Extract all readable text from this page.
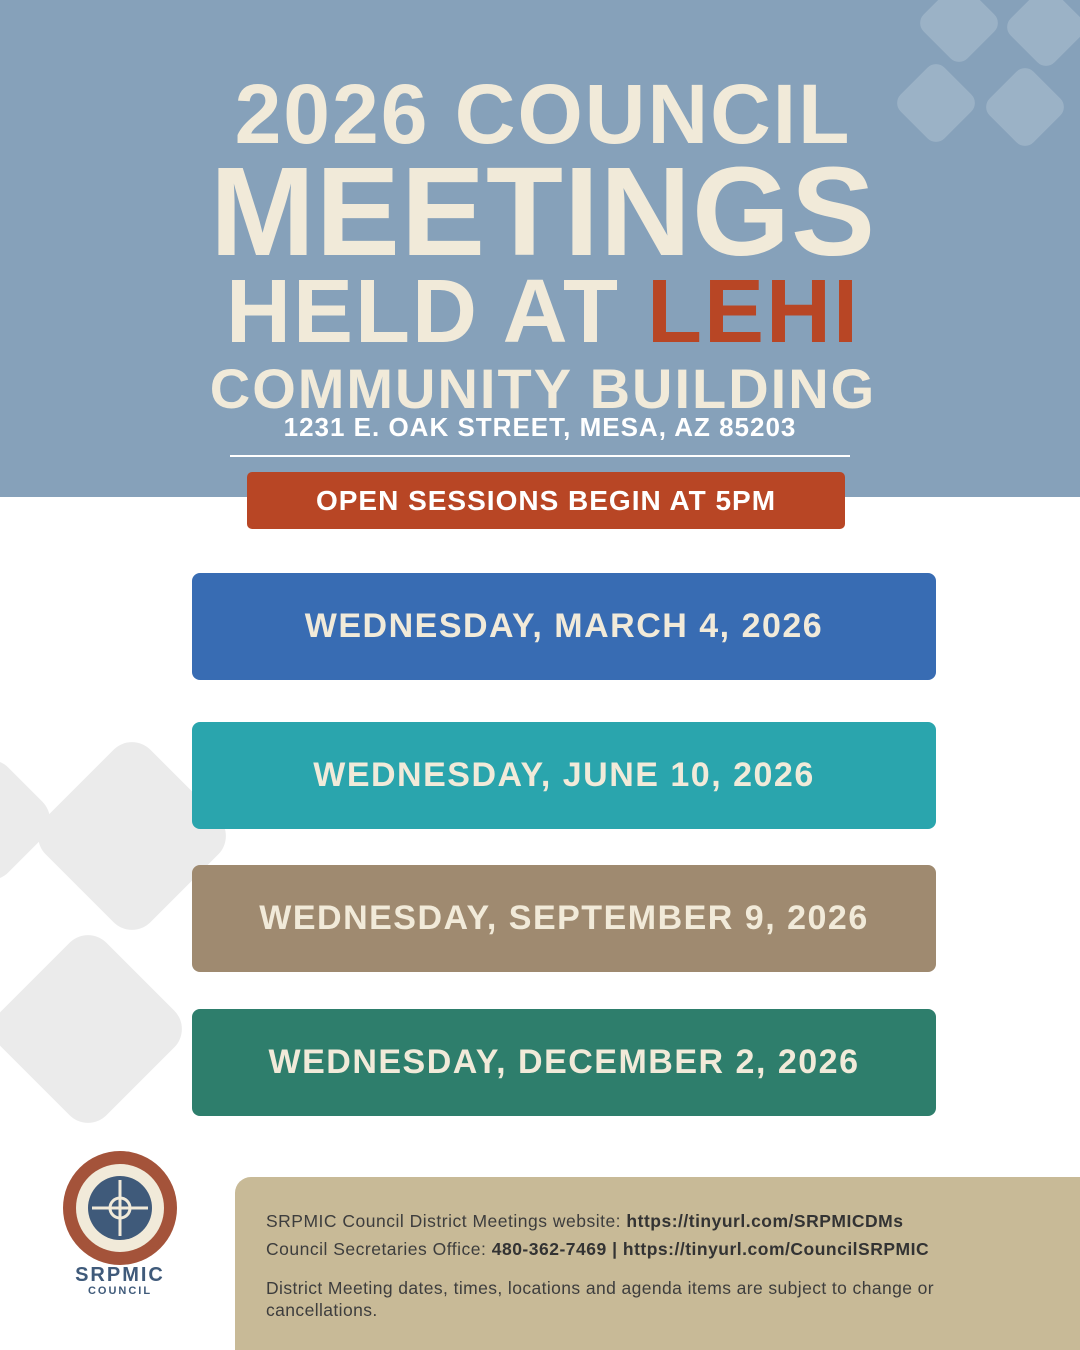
2026 COUNCIL
MEETINGS
HELD AT LEHI
COMMUNITY BUILDING
1231 E. OAK STREET, MESA, AZ 85203
OPEN SESSIONS BEGIN AT 5PM
WEDNESDAY, MARCH 4, 2026
WEDNESDAY, JUNE 10, 2026
WEDNESDAY, SEPTEMBER 9, 2026
WEDNESDAY, DECEMBER 2, 2026
SRPMIC
COUNCIL
SRPMIC Council District Meetings website: https://tinyurl.com/SRPMICDMs
Council Secretaries Office: 480-362-7469 | https://tinyurl.com/CouncilSRPMIC
District Meeting dates, times, locations and agenda items are subject to change or cancellations.
